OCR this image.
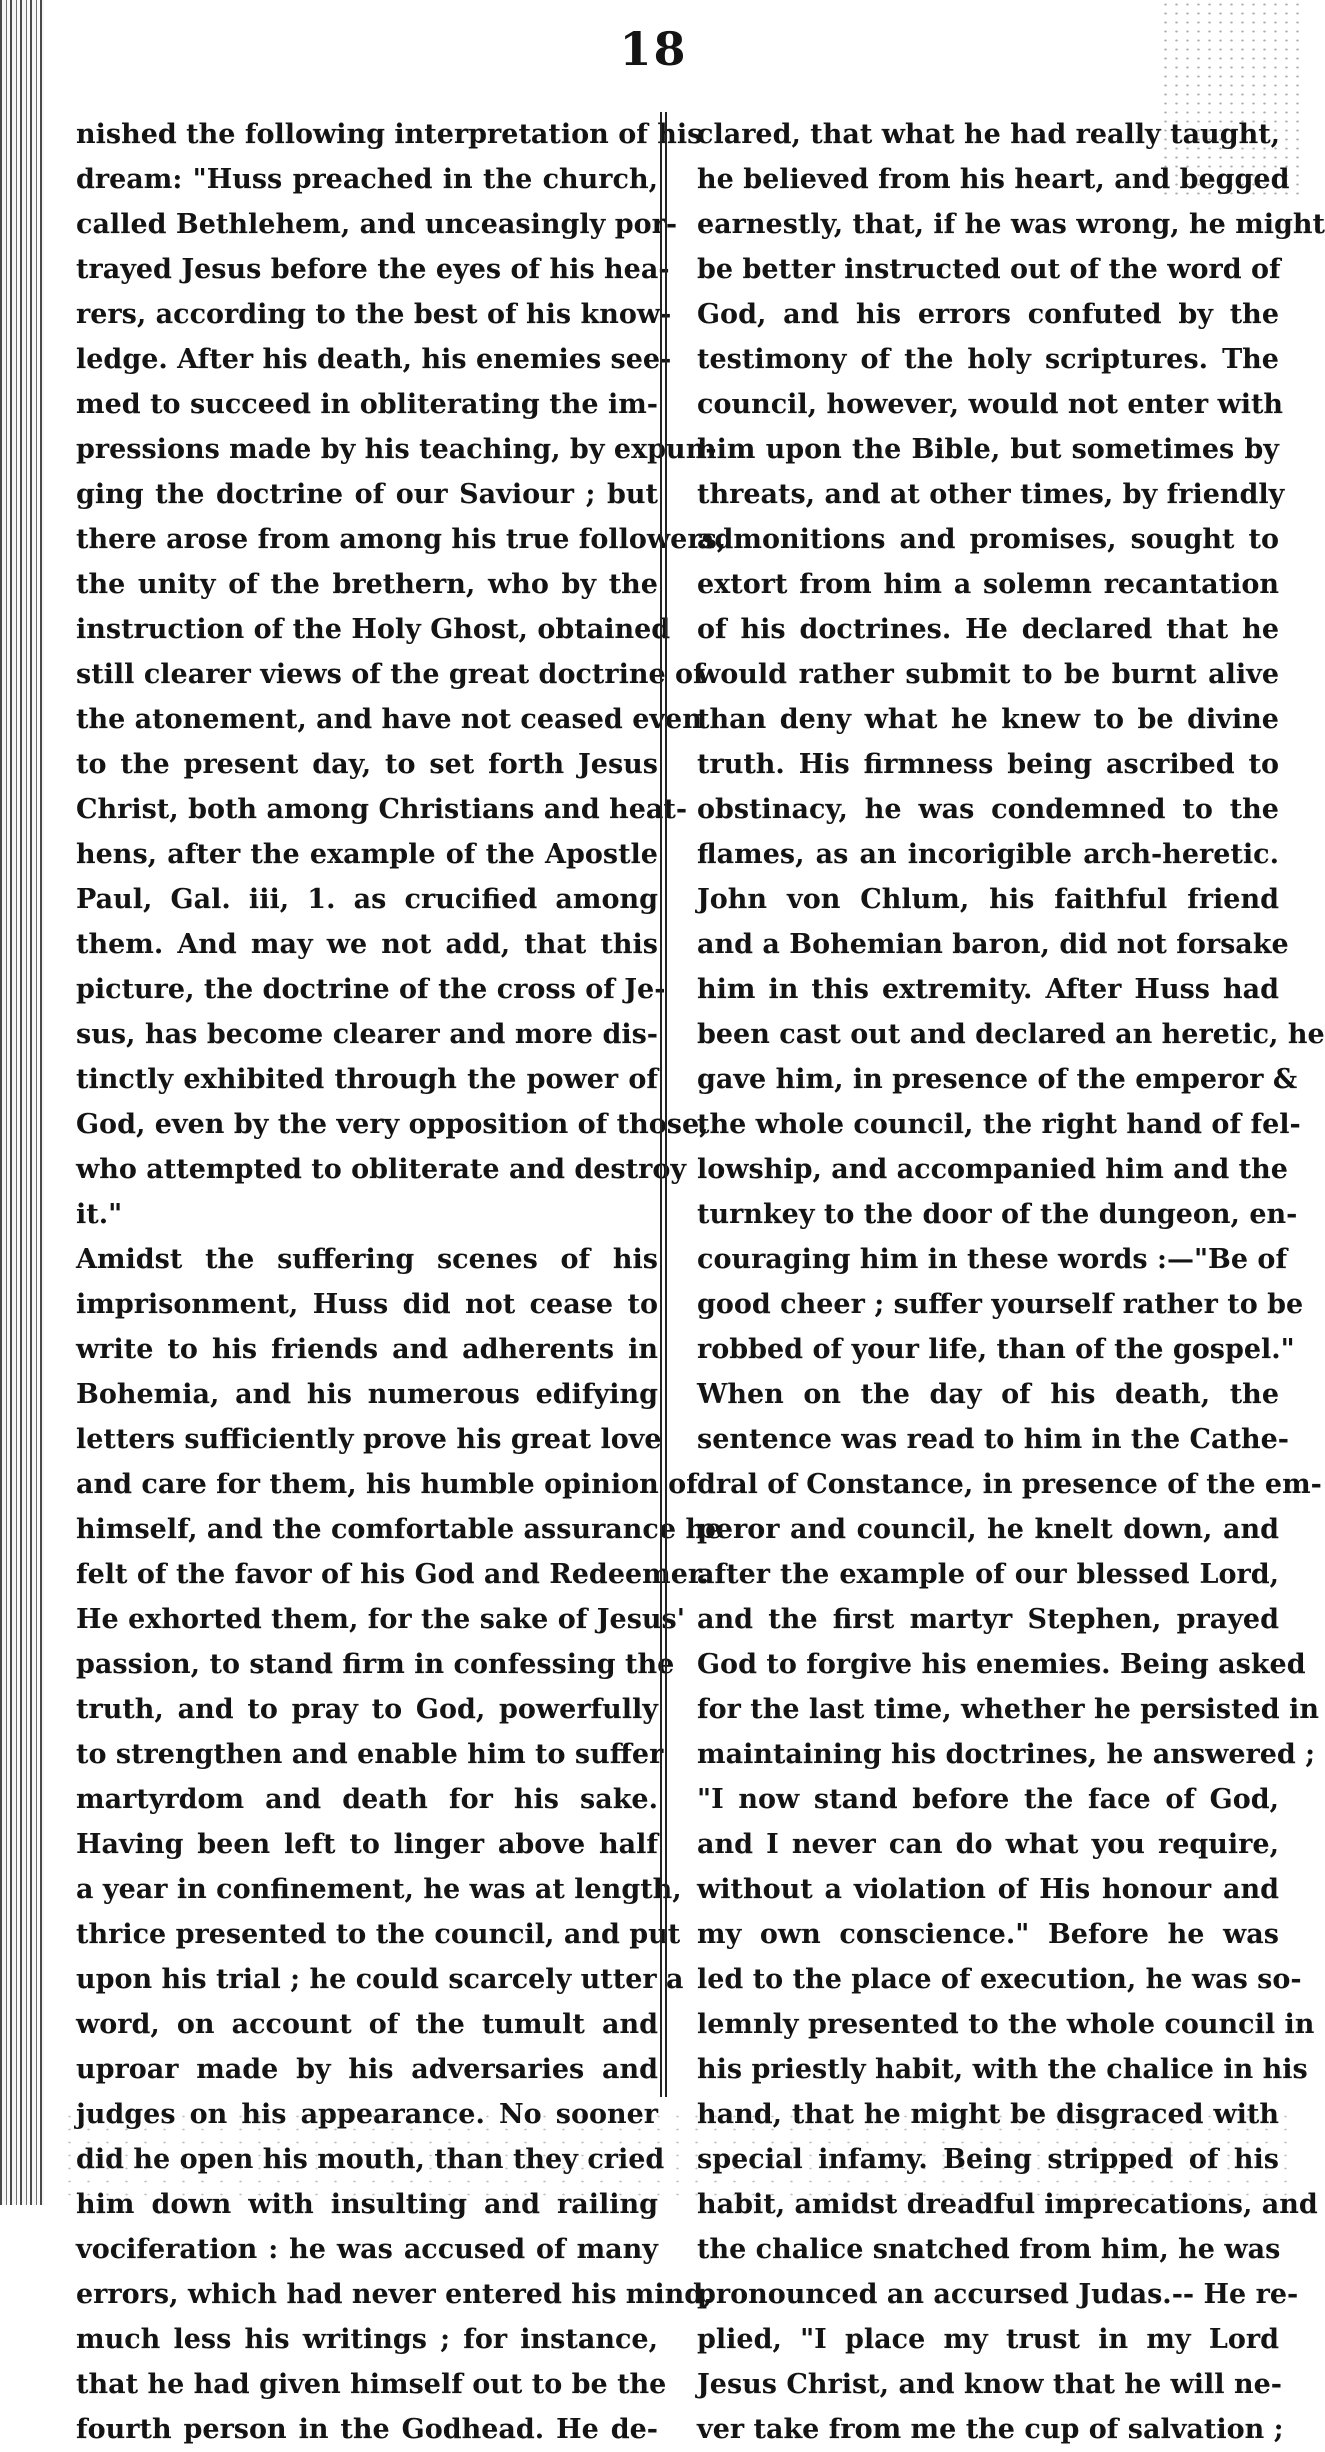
18
nished the following interpretation of his
dream: "Huss preached in the church,
called Bethlehem, and unceasingly por-
trayed Jesus before the eyes of his hea-
rers, according to the best of his know-
ledge. After his death, his enemies see-
med to succeed in obliterating the im-
pressions made by his teaching, by expun-
ging the doctrine of our Saviour ; but
there arose from among his true followers,
the unity of the brethern, who by the
instruction of the Holy Ghost, obtained
still clearer views of the great doctrine of
the atonement, and have not ceased even
to the present day, to set forth Jesus
Christ, both among Christians and heat-
hens, after the example of the Apostle
Paul, Gal. iii, 1. as crucified among
them. And may we not add, that this
picture, the doctrine of the cross of Je-
sus, has become clearer and more dis-
tinctly exhibited through the power of
God, even by the very opposition of those,
who attempted to obliterate and destroy
it."
Amidst the suffering scenes of his
imprisonment, Huss did not cease to
write to his friends and adherents in
Bohemia, and his numerous edifying
letters sufficiently prove his great love
and care for them, his humble opinion of
himself, and the comfortable assurance he
felt of the favor of his God and Redeemer.
He exhorted them, for the sake of Jesus'
passion, to stand firm in confessing the
truth, and to pray to God, powerfully
to strengthen and enable him to suffer
martyrdom and death for his sake.
Having been left to linger above half
a year in confinement, he was at length,
thrice presented to the council, and put
upon his trial ; he could scarcely utter a
word, on account of the tumult and
uproar made by his adversaries and
judges on his appearance. No sooner
did he open his mouth, than they cried
him down with insulting and railing
vociferation : he was accused of many
errors, which had never entered his mind,
much less his writings ; for instance,
that he had given himself out to be the
fourth person in the Godhead. He de-
clared, that what he had really taught,
he believed from his heart, and begged
earnestly, that, if he was wrong, he might
be better instructed out of the word of
God, and his errors confuted by the
testimony of the holy scriptures. The
council, however, would not enter with
him upon the Bible, but sometimes by
threats, and at other times, by friendly
admonitions and promises, sought to
extort from him a solemn recantation
of his doctrines. He declared that he
would rather submit to be burnt alive
than deny what he knew to be divine
truth. His firmness being ascribed to
obstinacy, he was condemned to the
flames, as an incorigible arch-heretic.
John von Chlum, his faithful friend
and a Bohemian baron, did not forsake
him in this extremity. After Huss had
been cast out and declared an heretic, he
gave him, in presence of the emperor &
the whole council, the right hand of fel-
lowship, and accompanied him and the
turnkey to the door of the dungeon, en-
couraging him in these words :—"Be of
good cheer ; suffer yourself rather to be
robbed of your life, than of the gospel."
When on the day of his death, the
sentence was read to him in the Cathe-
dral of Constance, in presence of the em-
peror and council, he knelt down, and
after the example of our blessed Lord,
and the first martyr Stephen, prayed
God to forgive his enemies. Being asked
for the last time, whether he persisted in
maintaining his doctrines, he answered ;
"I now stand before the face of God,
and I never can do what you require,
without a violation of His honour and
my own conscience." Before he was
led to the place of execution, he was so-
lemnly presented to the whole council in
his priestly habit, with the chalice in his
hand, that he might be disgraced with
special infamy. Being stripped of his
habit, amidst dreadful imprecations, and
the chalice snatched from him, he was
pronounced an accursed Judas.-- He re-
plied, "I place my trust in my Lord
Jesus Christ, and know that he will ne-
ver take from me the cup of salvation ;
